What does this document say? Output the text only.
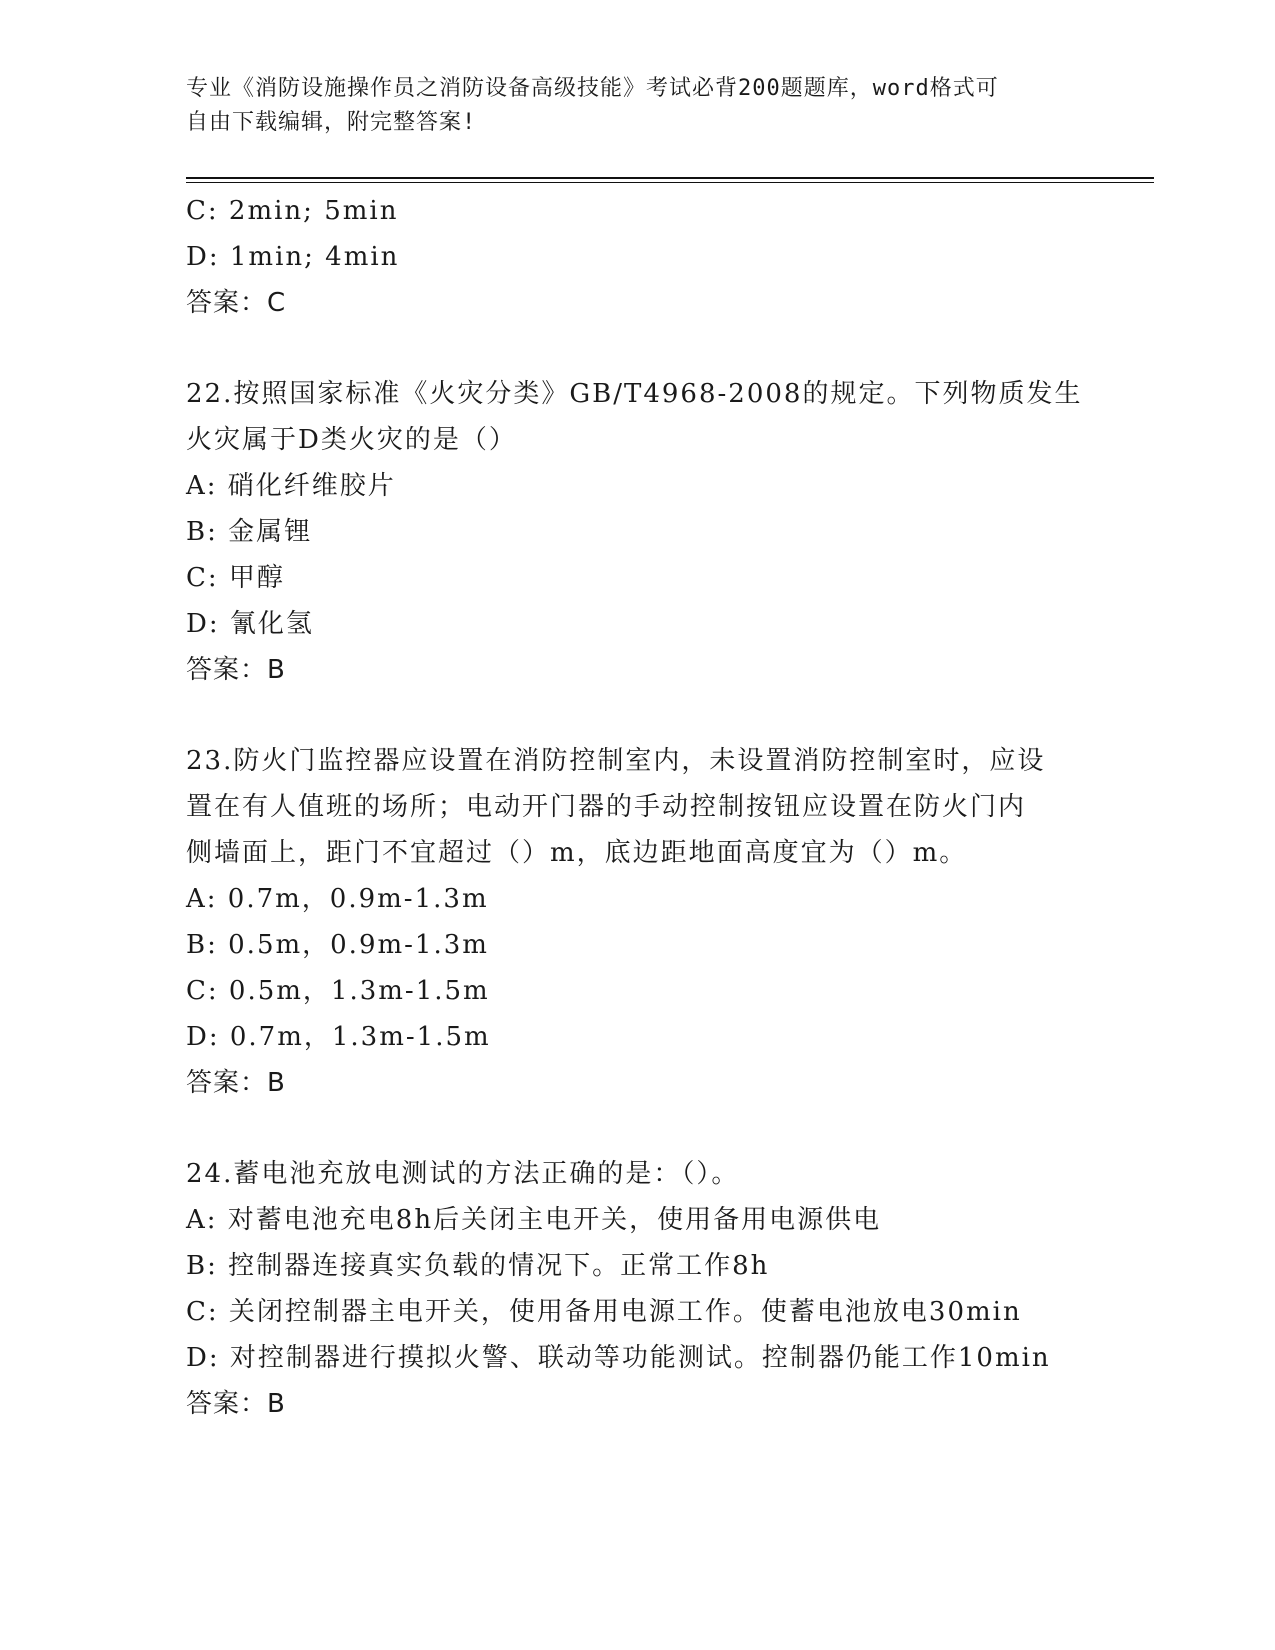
专业《消防设施操作员之消防设备高级技能》考试必背200题题库，word格式可
自由下载编辑，附完整答案!
C: 2min; 5min
D: 1min; 4min
答案：C
22.按照国家标准《火灾分类》GB/T4968-2008的规定。下列物质发生
火灾属于D类火灾的是（）
A: 硝化纤维胶片
B: 金属锂
C: 甲醇
D: 氰化氢
答案：B
23.防火门监控器应设置在消防控制室内，未设置消防控制室时，应设
置在有人值班的场所；电动开门器的手动控制按钮应设置在防火门内
侧墙面上，距门不宜超过（）m，底边距地面高度宜为（）m。
A: 0.7m，0.9m-1.3m
B: 0.5m，0.9m-1.3m
C: 0.5m，1.3m-1.5m
D: 0.7m，1.3m-1.5m
答案：B
24.蓄电池充放电测试的方法正确的是：（）。
A: 对蓄电池充电8h后关闭主电开关，使用备用电源供电
B: 控制器连接真实负载的情况下。正常工作8h
C: 关闭控制器主电开关，使用备用电源工作。使蓄电池放电30min
D: 对控制器进行摸拟火警、联动等功能测试。控制器仍能工作10min
答案：B
